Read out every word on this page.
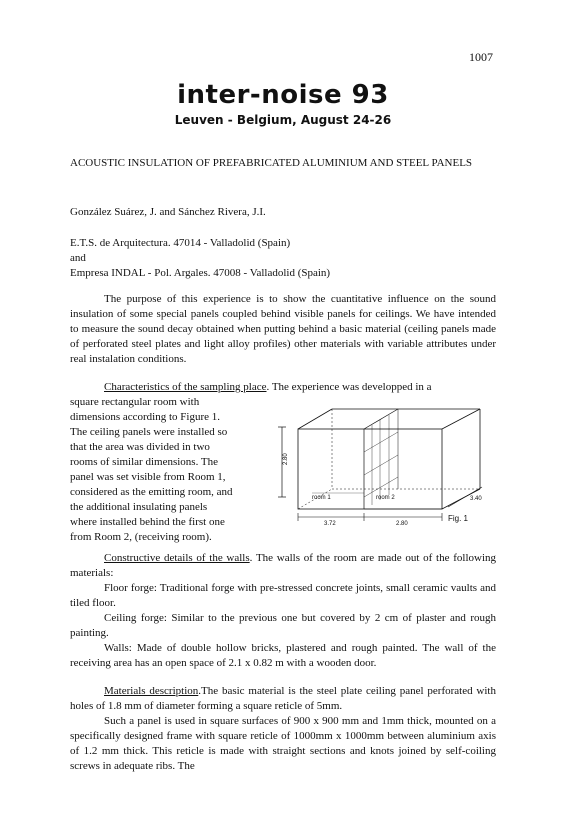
1007
inter-noise 93
Leuven - Belgium, August 24-26
ACOUSTIC INSULATION OF PREFABRICATED ALUMINIUM AND STEEL PANELS
González Suárez, J. and Sánchez Rivera, J.I.
E.T.S. de Arquitectura. 47014 - Valladolid (Spain)
and
Empresa INDAL - Pol. Argales. 47008 - Valladolid (Spain)

The purpose of this experience is to show the cuantitative influence on the sound insulation of some special panels coupled behind visible panels for ceilings. We have intended to measure the sound decay obtained when putting behind a basic material (ceiling panels made of perforated steel plates and light alloy profiles) other materials with variable attributes under real instalation conditions.

Characteristics of the sampling place. The experience was developped in a

square rectangular room with
dimensions according to Figure 1.
The ceiling panels were installed so
that the area was divided in two
rooms of similar dimensions. The
panel was set visible from Room 1,
considered as the emitting room, and
the additional insulating panels
where installed behind the first one
from Room 2, (receiving room).
2.80
room 1	room 2
3.72	2.80
3.40
Fig. 1

Constructive details of the walls. The walls of the room are made out of the following materials:

Floor forge: Traditional forge with pre-stressed concrete joints, small ceramic vaults and tiled floor.

Ceiling forge: Similar to the previous one but covered by 2 cm of plaster and rough painting.

Walls: Made of double hollow bricks, plastered and rough painted. The wall of the receiving area has an open space of 2.1 x 0.82 m with a wooden door.

Materials description.The basic material is the steel plate ceiling panel perforated with holes of 1.8 mm of diameter forming a square reticle of 5mm.

Such a panel is used in square surfaces of 900 x 900 mm and 1mm thick, mounted on a specifically designed frame with square reticle of 1000mm x 1000mm between aluminium axis of 1.2 mm thick. This reticle is made with straight sections and knots joined by self-coiling screws in adequate ribs. The
